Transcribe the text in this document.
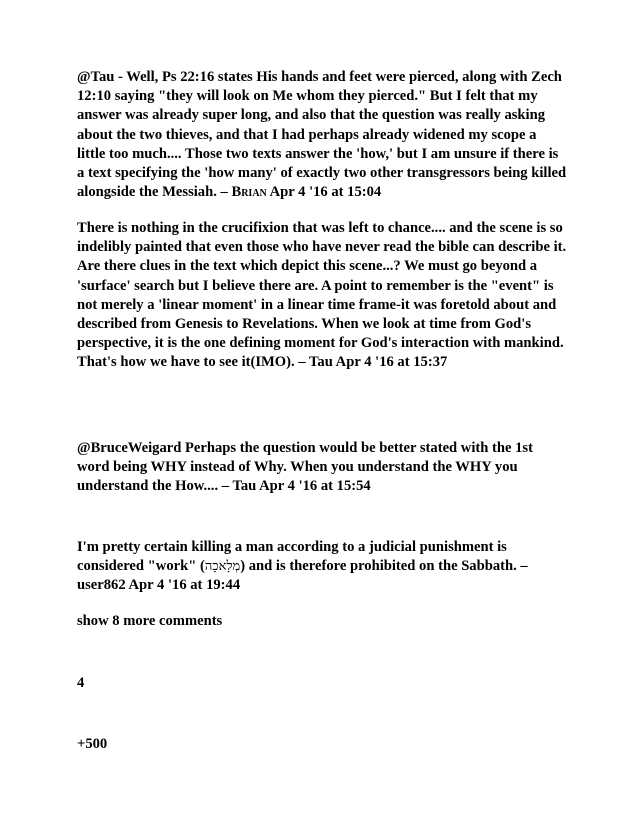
@Tau - Well, Ps 22:16 states His hands and feet were pierced, along with Zech 12:10 saying "they will look on Me whom they pierced." But I felt that my answer was already super long, and also that the question was really asking about the two thieves, and that I had perhaps already widened my scope a little too much.... Those two texts answer the 'how,' but I am unsure if there is a text specifying the 'how many' of exactly two other transgressors being killed alongside the Messiah. – Brian Apr 4 '16 at 15:04

There is nothing in the crucifixion that was left to chance.... and the scene is so indelibly painted that even those who have never read the bible can describe it. Are there clues in the text which depict this scene...? We must go beyond a 'surface' search but I believe there are. A point to remember is the "event" is not merely a 'linear moment' in a linear time frame-it was foretold about and described from Genesis to Revelations. When we look at time from God's perspective, it is the one defining moment for God's interaction with mankind. That's how we have to see it(IMO). – Tau Apr 4 '16 at 15:37

@BruceWeigard Perhaps the question would be better stated with the 1st word being WHY instead of Why. When you understand the WHY you understand the How.... – Tau Apr 4 '16 at 15:54

I'm pretty certain killing a man according to a judicial punishment is considered "work" (מְלָאכָה) and is therefore prohibited on the Sabbath. – user862 Apr 4 '16 at 19:44

show 8 more comments
4
+500
